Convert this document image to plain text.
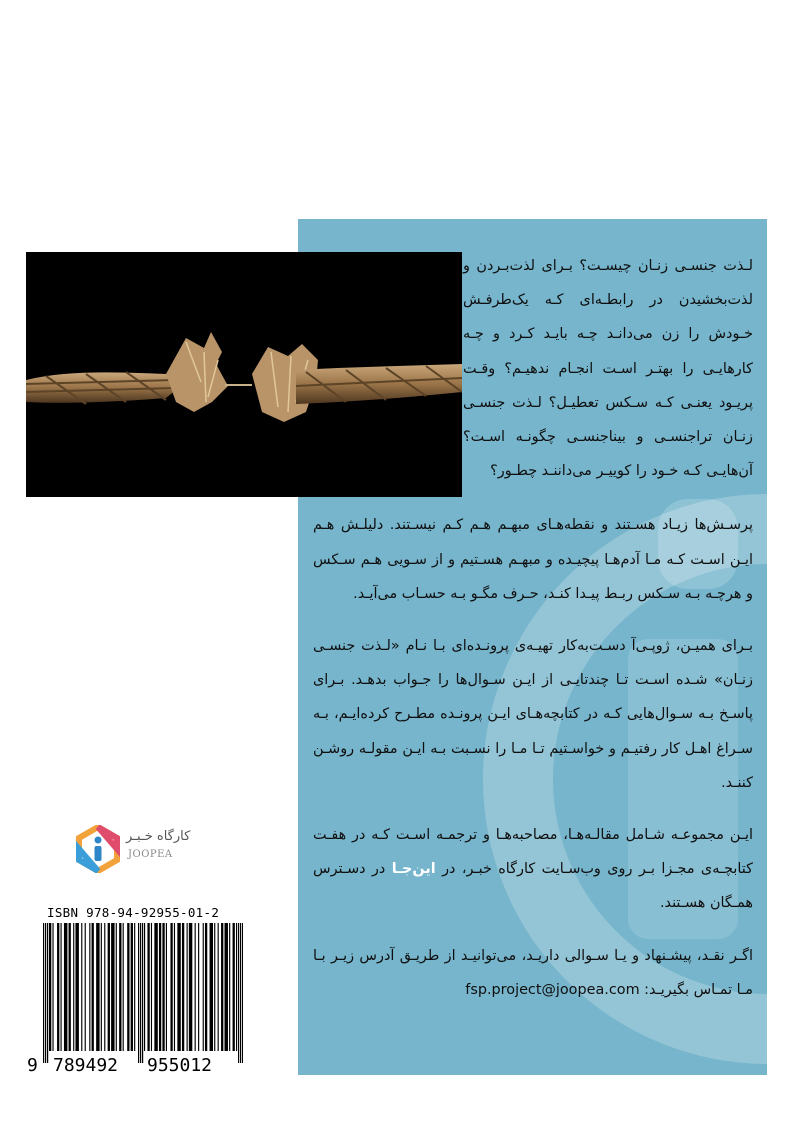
لـذت جنسـی زنـان چیسـت؟ بـرای لذت‌بـردن و لذت‌بخشیدن در رابطـه‌ای کـه یک‌طرفـش خـودش را زن می‌دانـد چـه بایـد کـرد و چـه کارهایـی را بهتـر اسـت انجـام ندهیـم؟ وقـت پریـود یعنـی کـه سـکس تعطیـل؟ لـذت جنسـی زنـان تراجنسـی و بیناجنسـی چگونـه اسـت؟ آن‌هایـی کـه خـود را کوییـر می‌داننـد چطـور؟

پرسـش‌ها زیـاد هسـتند و نقطه‌هـای مبهـم هـم کـم نیسـتند. دلیلـش هـم ایـن اسـت کـه مـا آدم‌هـا پیچیـده و مبهـم هسـتیم و از سـویی هـم سـکس و هرچـه بـه سـکس ربـط پیـدا کنـد، حـرف مگـو بـه حسـاب می‌آیـد.

بـرای همیـن، ژوپـی‌آ دسـت‌به‌کار تهیـه‌ی پرونـده‌ای بـا نـام «لـذت جنسـی زنـان» شـده اسـت تـا چندتایـی از ایـن سـوال‌ها را جـواب بدهـد. بـرای پاسـخ بـه سـوال‌هایی کـه در کتابچه‌هـای ایـن پرونـده مطـرح کرده‌ایـم، بـه سـراغ اهـل کار رفتیـم و خواسـتیم تـا مـا را نسـبت بـه ایـن مقولـه روشـن کننـد.

ایـن مجموعـه شـامل مقالـه‌هـا، مصاحبه‌هـا و ترجمـه اسـت کـه در هفـت کتابچـه‌ی مجـزا بـر روی وب‌سـایت کارگاه خبـر، در این‌جـا در دسـترس همـگان هسـتند.

اگـر نقـد، پیشـنهاد و یـا سـوالی داریـد، می‌توانیـد از طریـق آدرس زیـر بـا مـا تمـاس بگیریـد: fsp.project@joopea.com

کارگاه خـبـر
JOOPEA
ISBN 978-94-92955-01-2
9 789492 955012
